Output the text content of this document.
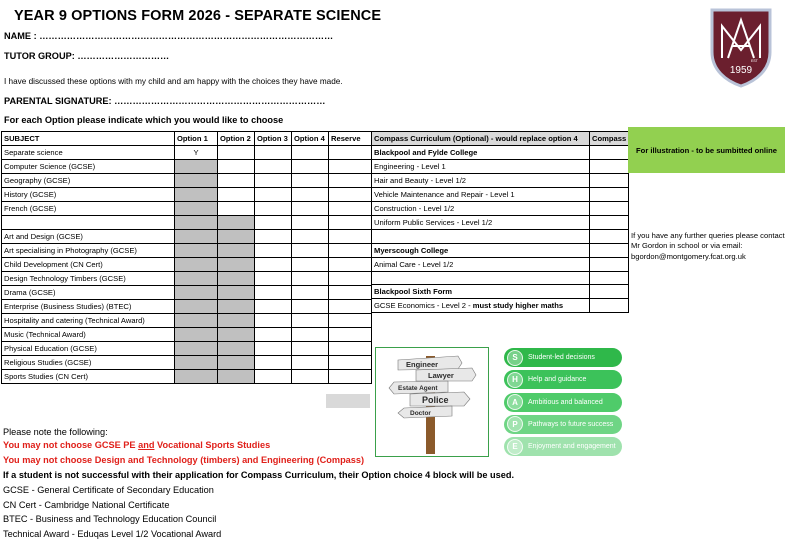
YEAR 9 OPTIONS FORM 2026 - SEPARATE SCIENCE
NAME : ……………………………………………………………………………………
TUTOR GROUP: …………………………
I have discussed these options with my child and am happy with the choices they have made.
PARENTAL SIGNATURE: ……………………………………………………………
For each Option please indicate which you would like to choose
EST
1959
SUBJECT	Option 1	Option 2	Option 3	Option 4	Reserve
Separate science	Y				
Computer Science (GCSE)					
Geography (GCSE)					
History (GCSE)					
French (GCSE)					

Art and Design (GCSE)					
Art specialising in Photography (GCSE)					
Child Development (CN Cert)					
Design Technology Timbers (GCSE)					
Drama (GCSE)					
Enterprise (Business Studies) (BTEC)					
Hospitality and catering (Technical Award)					
Music (Technical Award)					
Physical Education (GCSE)					
Religious Studies (GCSE)					
Sports Studies (CN Cert)					
Compass Curriculum (Optional) - would replace option 4	Compass
Blackpool and Fylde College	
Engineering - Level 1	
Hair and Beauty - Level 1/2	
Vehicle Maintenance and Repair - Level 1	
Construction - Level 1/2	
Uniform Public Services - Level 1/2	

Myerscough College	
Animal Care - Level 1/2	

Blackpool Sixth Form	
GCSE Economics - Level 2 - must study higher maths	
For illustration - to be sumbitted online
If you have any further queries please contact Mr Gordon in school or via email: bgordon@montgomery.fcat.org.uk
Engineer
Lawyer
Estate Agent
Police
Doctor
S	Student-led decisions
H	Help and guidance
A	Ambitious and balanced
P	Pathways to future success
E	Enjoyment and engagement
Please note the following:
You may not choose GCSE PE and Vocational Sports Studies
You may not choose Design and Technology (timbers) and Engineering (Compass)
If a student is not successful with their application for Compass Curriculum, their Option choice 4 block will be used.
GCSE - General Certificate of Secondary Education
CN Cert - Cambridge National Certificate
BTEC - Business and Technology Education Council
Technical Award - Eduqas Level 1/2 Vocational Award
